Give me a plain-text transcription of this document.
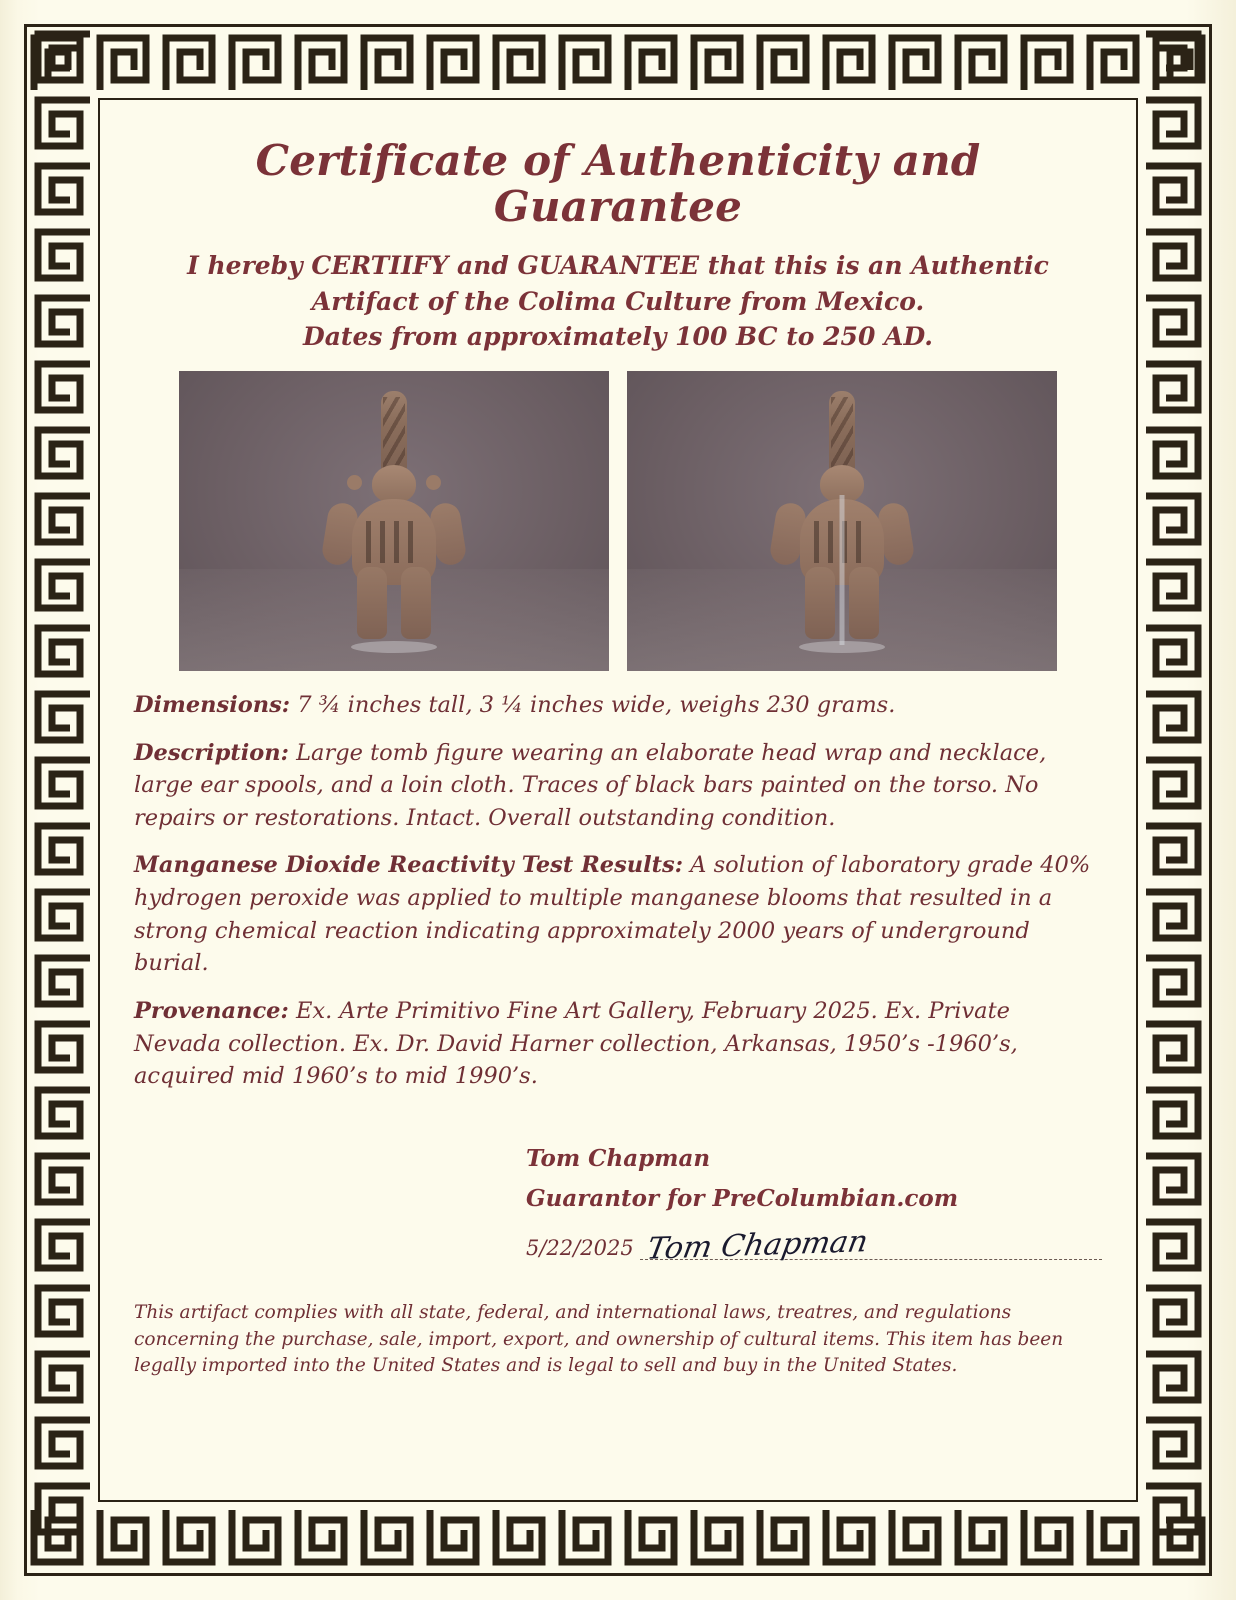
Certificate of Authenticity and Guarantee
I hereby CERTIIFY and GUARANTEE that this is an Authentic
Artifact of the Colima Culture from Mexico.
Dates from approximately 100 BC to 250 AD.
Dimensions: 7 ¾ inches tall, 3 ¼ inches wide, weighs 230 grams.
Description: Large tomb figure wearing an elaborate head wrap and necklace, large ear spools, and a loin cloth. Traces of black bars painted on the torso. No repairs or restorations. Intact. Overall outstanding condition.
Manganese Dioxide Reactivity Test Results: A solution of laboratory grade 40% hydrogen peroxide was applied to multiple manganese blooms that resulted in a strong chemical reaction indicating approximately 2000 years of underground burial.
Provenance: Ex. Arte Primitivo Fine Art Gallery, February 2025. Ex. Private Nevada collection. Ex. Dr. David Harner collection, Arkansas, 1950’s -1960’s, acquired mid 1960’s to mid 1990’s.
Tom Chapman
Guarantor for PreColumbian.com
5/22/2025 Tom Chapman
This artifact complies with all state, federal, and international laws, treatres, and regulations concerning the purchase, sale, import, export, and ownership of cultural items. This item has been legally imported into the United States and is legal to sell and buy in the United States.
